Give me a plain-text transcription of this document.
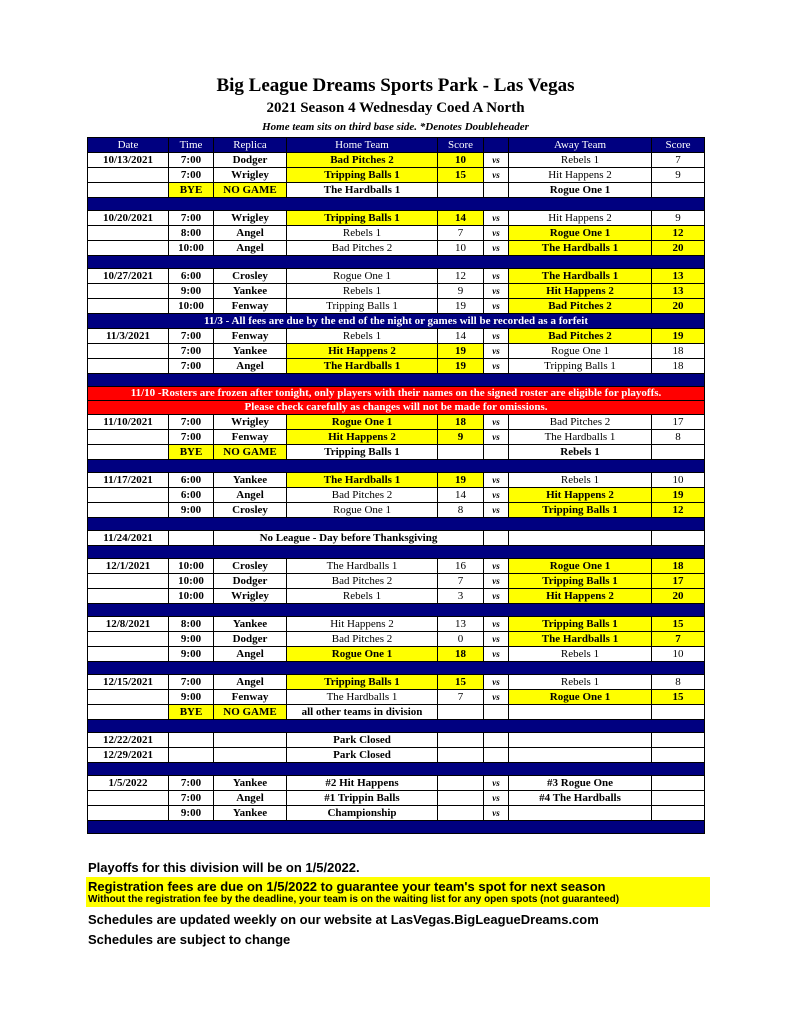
Big League Dreams Sports Park - Las Vegas
2021 Season 4 Wednesday Coed A North
Home team sits on third base side. *Denotes Doubleheader
Date	Time	Replica	Home Team	Score		Away Team	Score
10/13/2021	7:00	Dodger	Bad Pitches 2	10	vs	Rebels 1	7
	7:00	Wrigley	Tripping Balls 1	15	vs	Hit Happens 2	9
	BYE	NO GAME	The Hardballs 1			Rogue One 1	

10/20/2021	7:00	Wrigley	Tripping Balls 1	14	vs	Hit Happens 2	9
	8:00	Angel	Rebels 1	7	vs	Rogue One 1	12
	10:00	Angel	Bad Pitches 2	10	vs	The Hardballs 1	20

10/27/2021	6:00	Crosley	Rogue One 1	12	vs	The Hardballs 1	13
	9:00	Yankee	Rebels 1	9	vs	Hit Happens 2	13
	10:00	Fenway	Tripping Balls 1	19	vs	Bad Pitches 2	20
11/3 - All fees are due by the end of the night or games will be recorded as a forfeit							
11/3/2021	7:00	Fenway	Rebels 1	14	vs	Bad Pitches 2	19
	7:00	Yankee	Hit Happens 2	19	vs	Rogue One 1	18
	7:00	Angel	The Hardballs 1	19	vs	Tripping Balls 1	18

11/10 -Rosters are frozen after tonight, only players with their names on the signed roster are eligible for playoffs.							
Please check carefully as changes will not be made for omissions.							
11/10/2021	7:00	Wrigley	Rogue One 1	18	vs	Bad Pitches 2	17
	7:00	Fenway	Hit Happens 2	9	vs	The Hardballs 1	8
	BYE	NO GAME	Tripping Balls 1			Rebels 1	

11/17/2021	6:00	Yankee	The Hardballs 1	19	vs	Rebels 1	10
	6:00	Angel	Bad Pitches 2	14	vs	Hit Happens 2	19
	9:00	Crosley	Rogue One 1	8	vs	Tripping Balls 1	12

11/24/2021		No League - Day before Thanksgiving					

12/1/2021	10:00	Crosley	The Hardballs 1	16	vs	Rogue One 1	18
	10:00	Dodger	Bad Pitches 2	7	vs	Tripping Balls 1	17
	10:00	Wrigley	Rebels 1	3	vs	Hit Happens 2	20

12/8/2021	8:00	Yankee	Hit Happens 2	13	vs	Tripping Balls 1	15
	9:00	Dodger	Bad Pitches 2	0	vs	The Hardballs 1	7
	9:00	Angel	Rogue One 1	18	vs	Rebels 1	10

12/15/2021	7:00	Angel	Tripping Balls 1	15	vs	Rebels 1	8
	9:00	Fenway	The Hardballs 1	7	vs	Rogue One 1	15
	BYE	NO GAME	all other teams in division				

12/22/2021			Park Closed				
12/29/2021			Park Closed				

1/5/2022	7:00	Yankee	#2 Hit Happens		vs	#3 Rogue One	
	7:00	Angel	#1 Trippin Balls		vs	#4 The Hardballs	
	9:00	Yankee	Championship		vs		

Playoffs for this division will be on 1/5/2022.
Registration fees are due on 1/5/2022 to guarantee your team's spot for next season
Without the registration fee by the deadline, your team is on the waiting list for any open spots (not guaranteed)
Schedules are updated weekly on our website at LasVegas.BigLeagueDreams.com
Schedules are subject to change
